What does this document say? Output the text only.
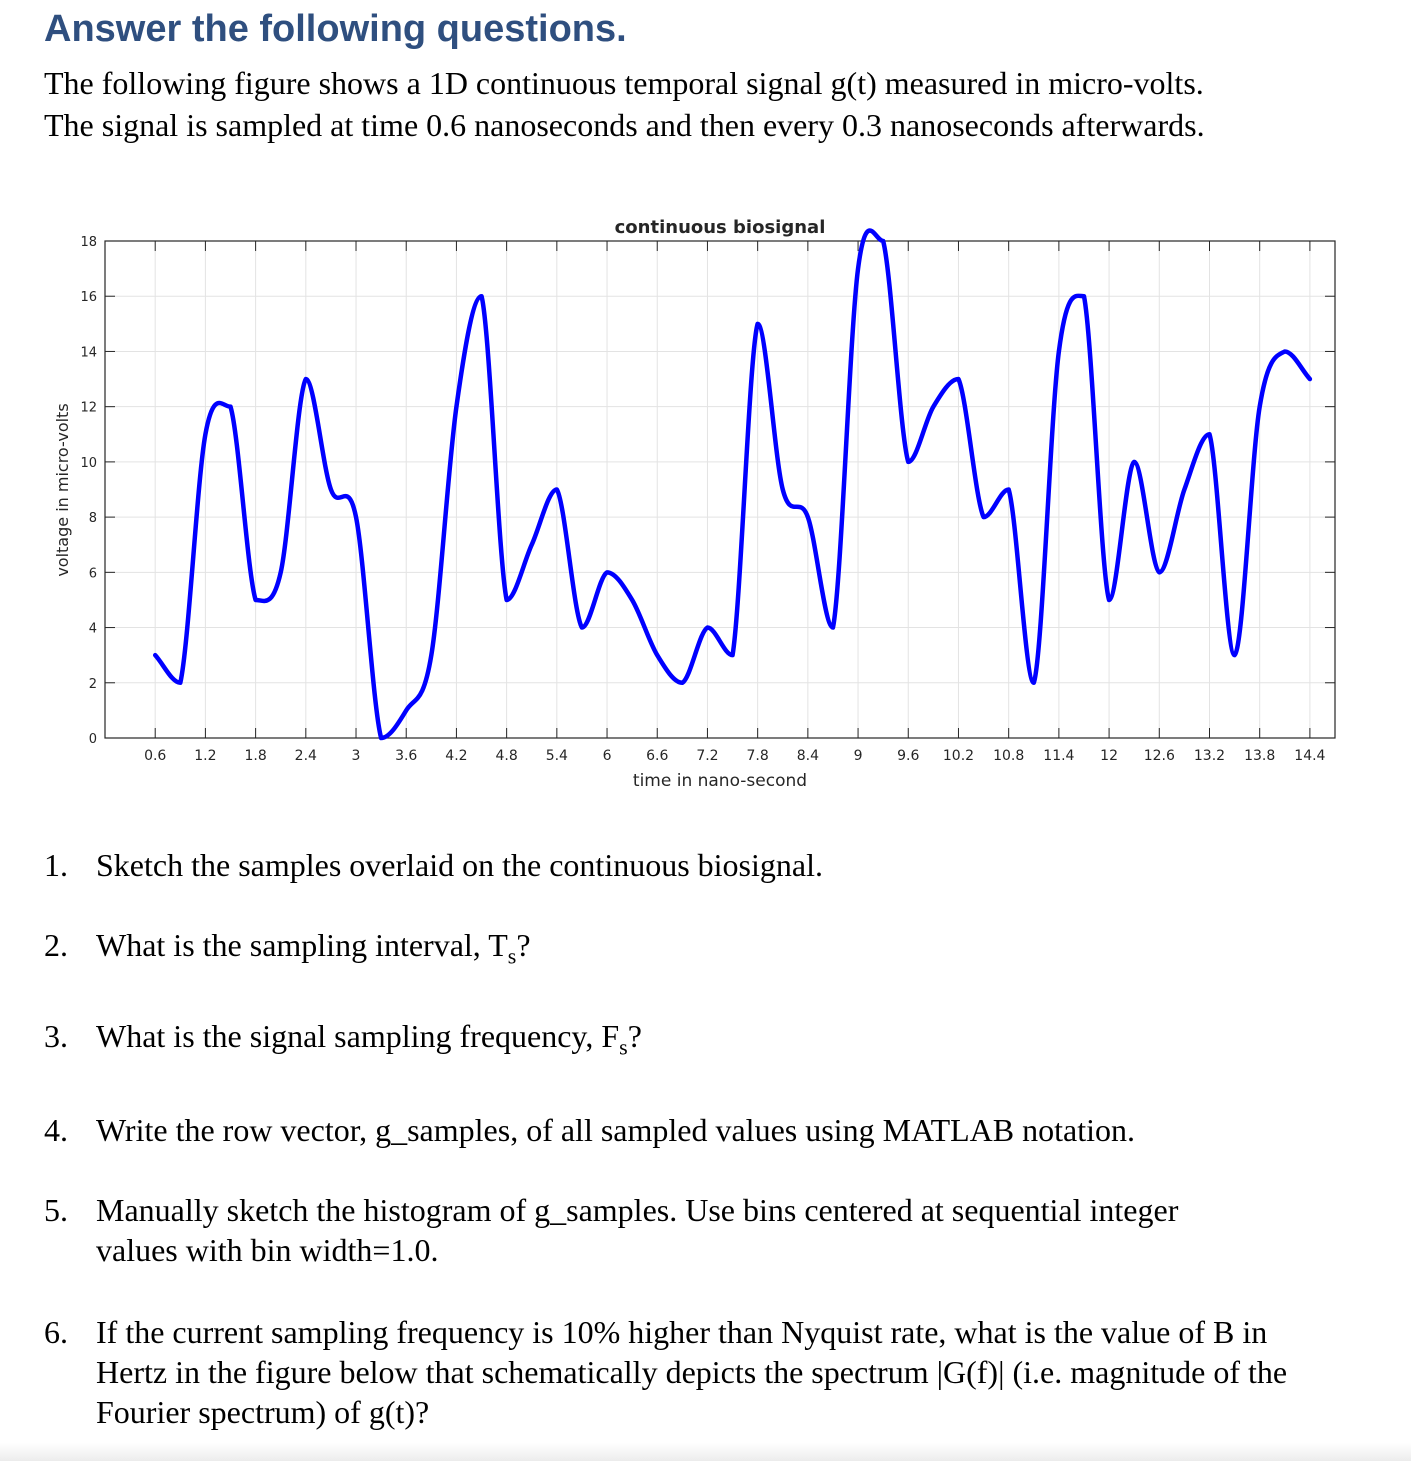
Answer the following questions.
The following figure shows a 1D continuous temporal signal g(t) measured in micro-volts.
The signal is sampled at time 0.6 nanoseconds and then every 0.3 nanoseconds afterwards.
0.6 1.2 1.8 2.4 3 3.6 4.2 4.8 5.4 6 6.6 7.2 7.8 8.4 9 9.6 10.2 10.8 11.4 12 12.6 13.2 13.8 14.4
0
2
4
6
8
10
12
14
16
18
continuous biosignal
time in nano-second
voltage in micro-volts
1. Sketch the samples overlaid on the continuous biosignal.
2. What is the sampling interval, $T_s$?
3. What is the signal sampling frequency, $F_s$?
4. Write the row vector, g_samples, of all sampled values using MATLAB notation.
5. Manually sketch the histogram of g_samples. Use bins centered at sequential integer values with bin width=1.0.
6. If the current sampling frequency is 10% higher than Nyquist rate, what is the value of B in Hertz in the figure below that schematically depicts the spectrum |G(f)| (i.e. magnitude of the Fourier spectrum) of g(t)?
